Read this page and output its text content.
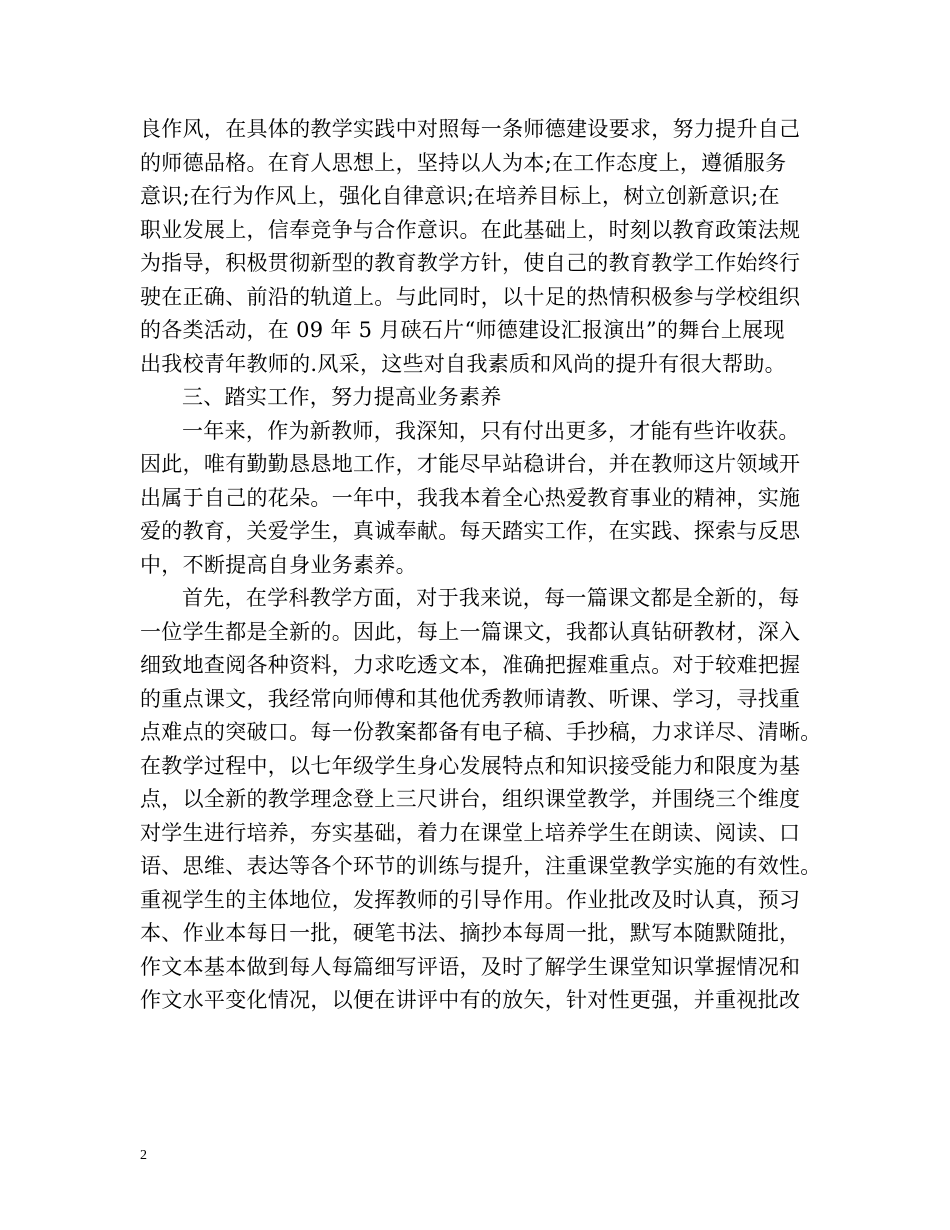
良作风，在具体的教学实践中对照每一条师德建设要求，努力提升自己
的师德品格。在育人思想上，坚持以人为本;在工作态度上，遵循服务
意识;在行为作风上，强化自律意识;在培养目标上，树立创新意识;在
职业发展上，信奉竞争与合作意识。在此基础上，时刻以教育政策法规
为指导，积极贯彻新型的教育教学方针，使自己的教育教学工作始终行
驶在正确、前沿的轨道上。与此同时，以十足的热情积极参与学校组织
的各类活动，在 09 年 5 月硖石片“师德建设汇报演出”的舞台上展现
出我校青年教师的.风采，这些对自我素质和风尚的提升有很大帮助。
三、踏实工作，努力提高业务素养
一年来，作为新教师，我深知，只有付出更多，才能有些许收获。
因此，唯有勤勤恳恳地工作，才能尽早站稳讲台，并在教师这片领域开
出属于自己的花朵。一年中，我我本着全心热爱教育事业的精神，实施
爱的教育，关爱学生，真诚奉献。每天踏实工作，在实践、探索与反思
中，不断提高自身业务素养。
首先，在学科教学方面，对于我来说，每一篇课文都是全新的，每
一位学生都是全新的。因此，每上一篇课文，我都认真钻研教材，深入
细致地查阅各种资料，力求吃透文本，准确把握难重点。对于较难把握
的重点课文，我经常向师傅和其他优秀教师请教、听课、学习，寻找重
点难点的突破口。每一份教案都备有电子稿、手抄稿，力求详尽、清晰。
在教学过程中，以七年级学生身心发展特点和知识接受能力和限度为基
点，以全新的教学理念登上三尺讲台，组织课堂教学，并围绕三个维度
对学生进行培养，夯实基础，着力在课堂上培养学生在朗读、阅读、口
语、思维、表达等各个环节的训练与提升，注重课堂教学实施的有效性。
重视学生的主体地位，发挥教师的引导作用。作业批改及时认真，预习
本、作业本每日一批，硬笔书法、摘抄本每周一批，默写本随默随批，
作文本基本做到每人每篇细写评语，及时了解学生课堂知识掌握情况和
作文水平变化情况，以便在讲评中有的放矢，针对性更强，并重视批改
2
